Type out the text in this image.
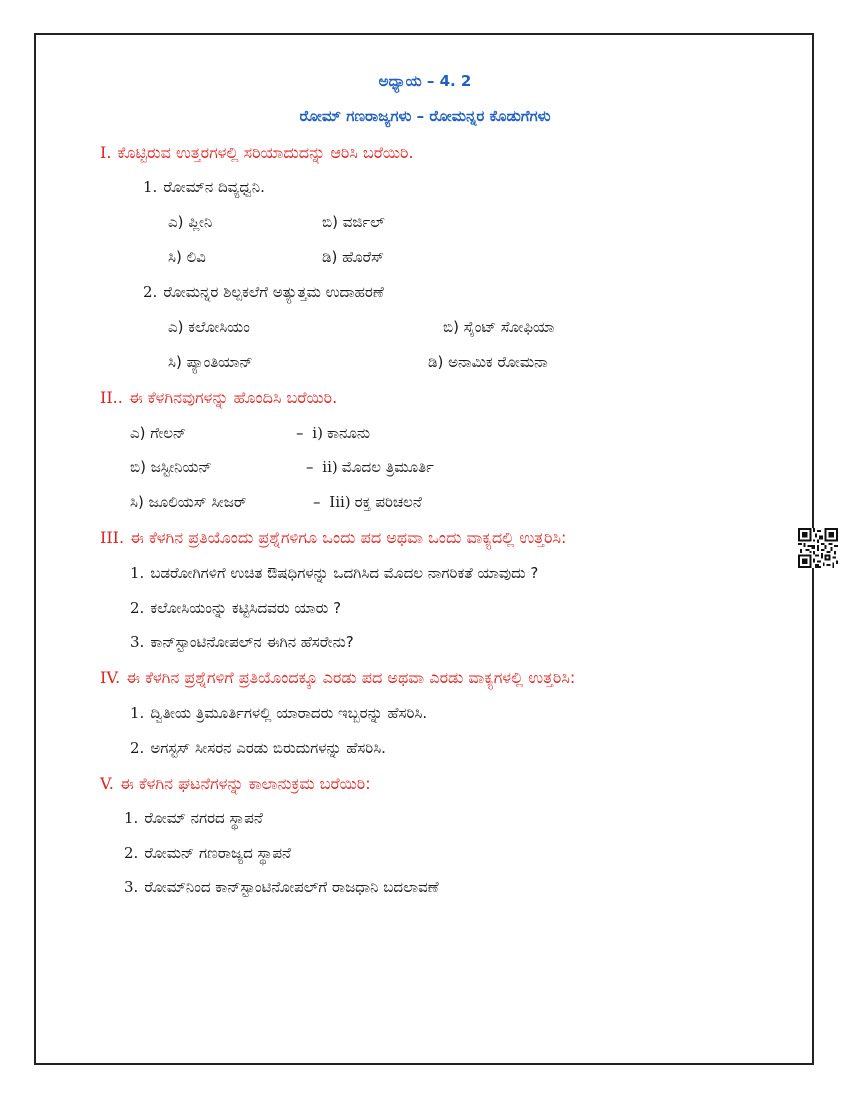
ಅಧ್ಯಾಯ – 4. 2
ರೋಮ್ ಗಣರಾಜ್ಯಗಳು – ರೋಮನ್ನರ ಕೊಡುಗೆಗಳು
I. ಕೊಟ್ಟಿರುವ ಉತ್ತರಗಳಲ್ಲಿ ಸರಿಯಾದುದನ್ನು ಆರಿಸಿ ಬರೆಯಿರಿ.
1. ರೋಮ್‌ನ ದಿವ್ಯಧ್ವನಿ.
ಎ) ಪ್ಲೀನಿ	ಬಿ) ವರ್ಜಿಲ್
ಸಿ) ಲಿವಿ	ಡಿ) ಹೊರೆಸ್
2. ರೋಮನ್ನರ ಶಿಲ್ಪಕಲೆಗೆ ಅತ್ಯುತ್ತಮ ಉದಾಹರಣೆ
ಎ) ಕಲೋಸಿಯಂ	ಬಿ) ಸೈಂಟ್ ಸೋಫಿಯಾ
ಸಿ) ಪ್ಯಾಂತಿಯಾನ್	ಡಿ) ಅನಾಮಿಕ ರೋಮನಾ
II.. ಈ ಕೆಳಗಿನವುಗಳನ್ನು ಹೊಂದಿಸಿ ಬರೆಯಿರಿ.
ಎ) ಗೇಲನ್	– i) ಕಾನೂನು
ಬಿ) ಜಸ್ಟೀನಿಯನ್	– ii) ಮೊದಲ ತ್ರಿಮೂರ್ತಿ
ಸಿ) ಜೂಲಿಯಸ್ ಸೀಜರ್	– Iii) ರಕ್ತ ಪರಿಚಲನೆ
III. ಈ ಕೆಳಗಿನ ಪ್ರತಿಯೊಂದು ಪ್ರಶ್ನೆಗಳಿಗೂ ಒಂದು ಪದ ಅಥವಾ ಒಂದು ವಾಕ್ಯದಲ್ಲಿ ಉತ್ತರಿಸಿ:
1. ಬಡರೋಗಿಗಳಿಗೆ ಉಚಿತ ಔಷಧಿಗಳನ್ನು ಒದಗಿಸಿದ ಮೊದಲ ನಾಗರಿಕತೆ ಯಾವುದು ?
2. ಕಲೋಸಿಯಂನ್ನು ಕಟ್ಟಿಸಿದವರು ಯಾರು ?
3. ಕಾನ್‌ಸ್ಟಾಂಟಿನೋಪಲ್‌ನ ಈಗಿನ ಹೆಸರೇನು?
IV. ಈ ಕೆಳಗಿನ ಪ್ರಶ್ನೆಗಳಿಗೆ ಪ್ರತಿಯೊಂದಕ್ಕೂ ಎರಡು ಪದ ಅಥವಾ ಎರಡು ವಾಕ್ಯಗಳಲ್ಲಿ ಉತ್ತರಿಸಿ:
1. ದ್ವಿತೀಯ ತ್ರಿಮೂರ್ತಿಗಳಲ್ಲಿ ಯಾರಾದರು ಇಬ್ಬರನ್ನು ಹೆಸರಿಸಿ.
2. ಅಗಸ್ಟಸ್ ಸೀಸರ‌ನ ಎರಡು ಬಿರುದುಗಳನ್ನು ಹೆಸರಿಸಿ.
V. ಈ ಕೆಳಗಿನ ಘಟನೆಗಳನ್ನು ಕಾಲಾನುಕ್ರಮ ಬರೆಯಿರಿ:
1. ರೋಮ್ ನಗರದ ಸ್ಥಾಪನೆ
2. ರೋಮನ್ ಗಣರಾಜ್ಯದ ಸ್ಥಾಪನೆ
3. ರೋಮ್‌ನಿಂದ ಕಾನ್‌ಸ್ಟಾಂಟಿನೋಪಲ್‌ಗೆ ರಾಜಧಾನಿ ಬದಲಾವಣೆ
